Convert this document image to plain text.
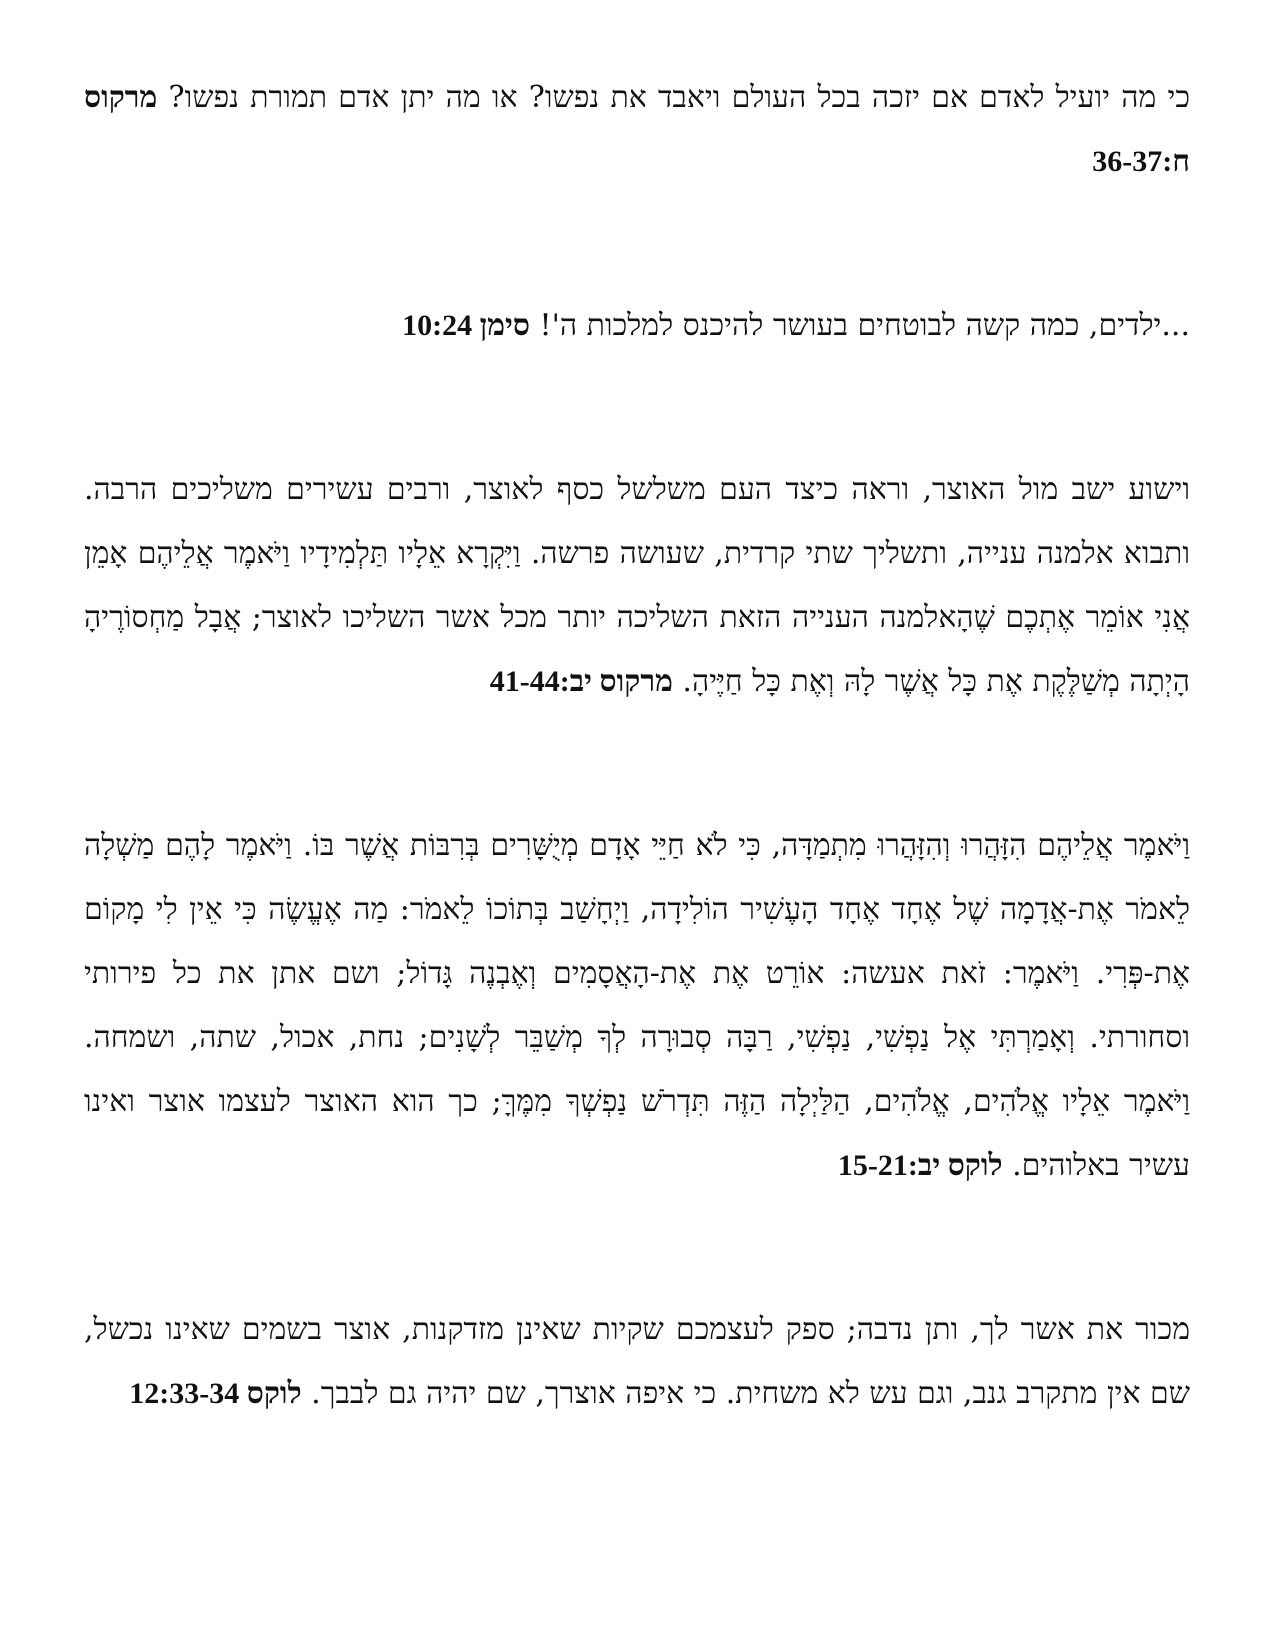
כי מה יועיל לאדם אם יזכה בכל העולם ויאבד את נפשו? או מה יתן אדם תמורת נפשו? מרקוס ח:36-37

...ילדים, כמה קשה לבוטחים בעושר להיכנס למלכות ה'! סימן 10:24

וישוע ישב מול האוצר, וראה כיצד העם משלשל כסף לאוצר, ורבים עשירים משליכים הרבה. ותבוא אלמנה ענייה, ותשליך שתי קרדית, שעושה פרשה. וַיִּקְרָא אֵלָיו תַּלְמִידָיו וַיֹּאמֶר אֲלֵיהֶם אָמֵן אֲנִי אוֹמֵר אֶתְכֶם שֶׁהָאלמנה הענייה הזאת השליכה יותר מכל אשר השליכו לאוצר; אֲבָל מַחְסוֹרֶיהָ הָיְתָה מְשַׁלֶּקֶת אֶת כָּל אֲשֶׁר לָהּ וְאֶת כָּל חַיֶּיהָ. מרקוס יב:41-44

וַיֹּאמֶר אֲלֵיהֶם הִזָּהֲרוּ וְהִזָּהֲרוּ מִתְמַדָּה, כִּי לֹא חַיֵּי אָדָם מְיֻשָּׁרִים בְּרִבּוֹת אֲשֶׁר בּוֹ. וַיֹּאמֶר לָהֶם מַשְׁלָה לֵאמֹר אֶת-אֲדָמָה שֶׁל אֶחָד אֶחָד הָעֶשִׁיר הוֹלִידָה, וַיְחָשַׁב בְּתוֹכוֹ לֵאמֹר: מַה אֶעֱשֶׂה כִּי אֵין לִי מָקוֹם אֶת-פְּרִי. וַיֹּאמֶר: זֹאת אעשה: אוֹרֵט אֶת אֶת-הָאֲסָמִים וְאֶבְנֶה גָּדוֹל; ושם אתן את כל פירותי וסחורתי. וְאָמַרְתִּי אֶל נַפְשִׁי, נַפְשִׁי, רַבָּה סְבוּרָה לְךָ מְשַׁבֵּר לְשָׁנִים; נחת, אכול, שתה, ושמחה. וַיֹּאמֶר אֵלָיו אֱלֹהִים, אֱלֹהִים, הַלַּיְלָה הַזֶּה תִּדְרֹשׁ נַפְשְׁךָ מִמֶּךָּ; כך הוא האוצר לעצמו אוצר ואינו עשיר באלוהים. לוקס יב:15-21

מכור את אשר לך, ותן נדבה; ספק לעצמכם שקיות שאינן מזדקנות, אוצר בשמים שאינו נכשל, שם אין מתקרב גנב, וגם עש לא משחית. כי איפה אוצרך, שם יהיה גם לבבך. לוקס 12:33-34
